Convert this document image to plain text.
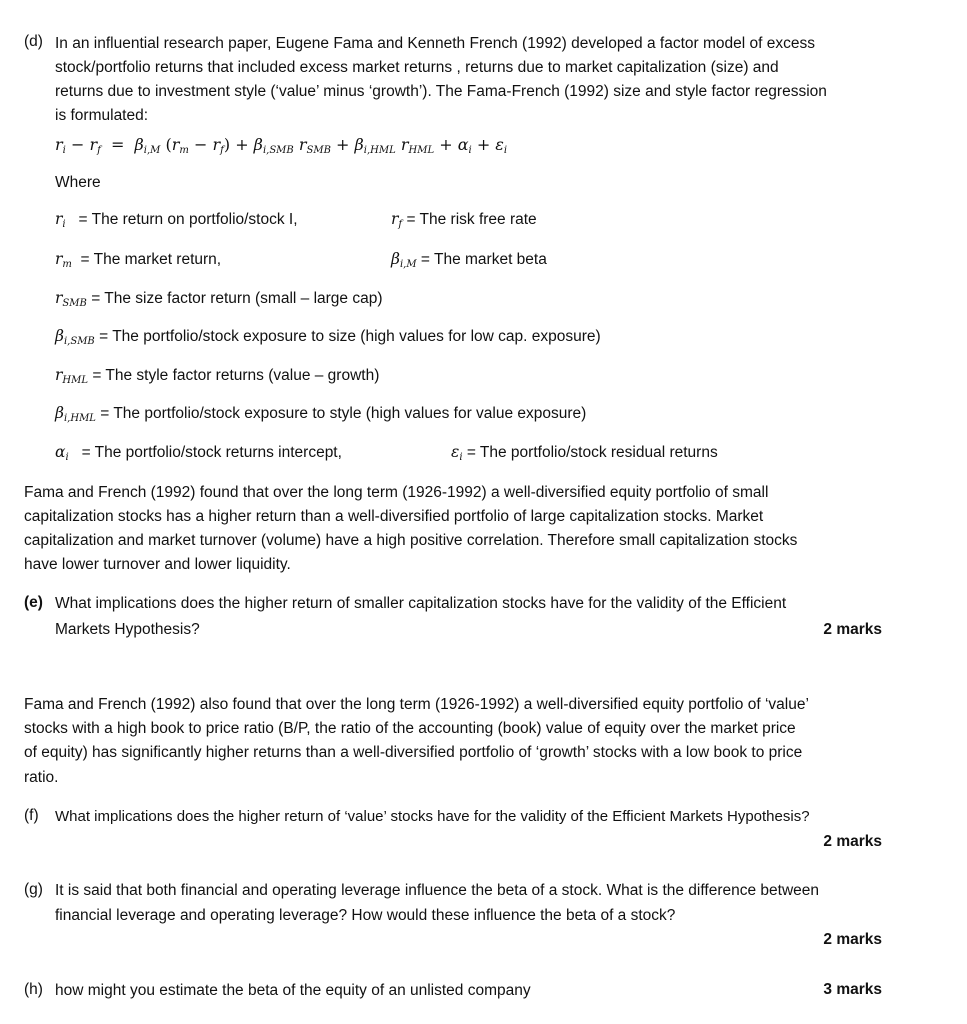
(d) In an influential research paper, Eugene Fama and Kenneth French (1992) developed a factor model of excess
stock/portfolio returns that included excess market returns , returns due to market capitalization (size) and
returns due to investment style (‘value’ minus ‘growth’). The Fama-French (1992) size and style factor regression
is formulated:
$r_i - r_f = \beta_{i,M}$ $(r_m - r_f) + \beta_{i,SMB}$ $r_{SMB} + \beta_{i,HML}$ $r_{HML} + \alpha_i + \varepsilon_i$
Where
$r_i$ = The return on portfolio/stock I,	$r_f$ = The risk free rate
$r_m$ = The market return,	$\beta_{i,M}$ = The market beta
$r_{SMB}$ = The size factor return (small – large cap)
$\beta_{i,SMB}$ = The portfolio/stock exposure to size (high values for low cap. exposure)
$r_{HML}$ = The style factor returns (value – growth)
$\beta_{i,HML}$ = The portfolio/stock exposure to style (high values for value exposure)
$\alpha_i$ = The portfolio/stock returns intercept,	$\varepsilon_i$ = The portfolio/stock residual returns
Fama and French (1992) found that over the long term (1926-1992) a well-diversified equity portfolio of small
capitalization stocks has a higher return than a well-diversified portfolio of large capitalization stocks. Market
capitalization and market turnover (volume) have a high positive correlation. Therefore small capitalization stocks
have lower turnover and lower liquidity.
(e) What implications does the higher return of smaller capitalization stocks have for the validity of the Efficient
Markets Hypothesis?	2 marks
Fama and French (1992) also found that over the long term (1926-1992) a well-diversified equity portfolio of ‘value’
stocks with a high book to price ratio (B/P, the ratio of the accounting (book) value of equity over the market price
of equity) has significantly higher returns than a well-diversified portfolio of ‘growth’ stocks with a low book to price
ratio.
(f) What implications does the higher return of ‘value’ stocks have for the validity of the Efficient Markets Hypothesis?
2 marks
(g) It is said that both financial and operating leverage influence the beta of a stock. What is the difference between
financial leverage and operating leverage? How would these influence the beta of a stock?
2 marks
(h) how might you estimate the beta of the equity of an unlisted company	3 marks
